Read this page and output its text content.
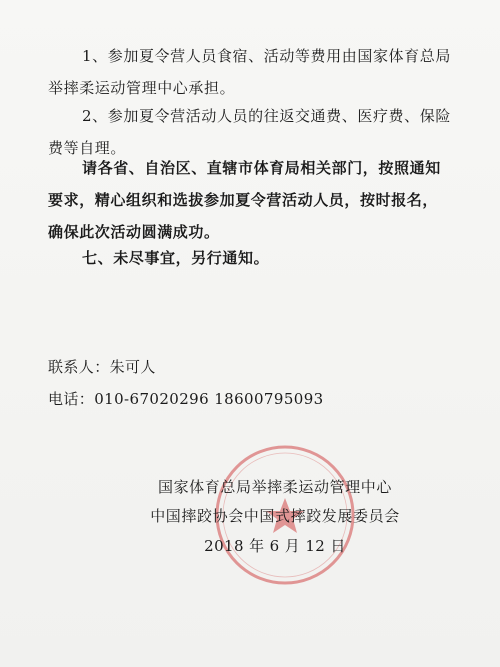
1、参加夏令营人员食宿、活动等费用由国家体育总局举摔柔运动管理中心承担。

2、参加夏令营活动人员的往返交通费、医疗费、保险费等自理。

请各省、自治区、直辖市体育局相关部门，按照通知要求，精心组织和选拔参加夏令营活动人员，按时报名，确保此次活动圆满成功。

七、未尽事宜，另行通知。

联系人：朱可人
电话：010-67020296 18600795093
国家体育总局举摔柔运动管理中心
中国摔跤协会中国式摔跤发展委员会
2018 年 6 月 12 日
